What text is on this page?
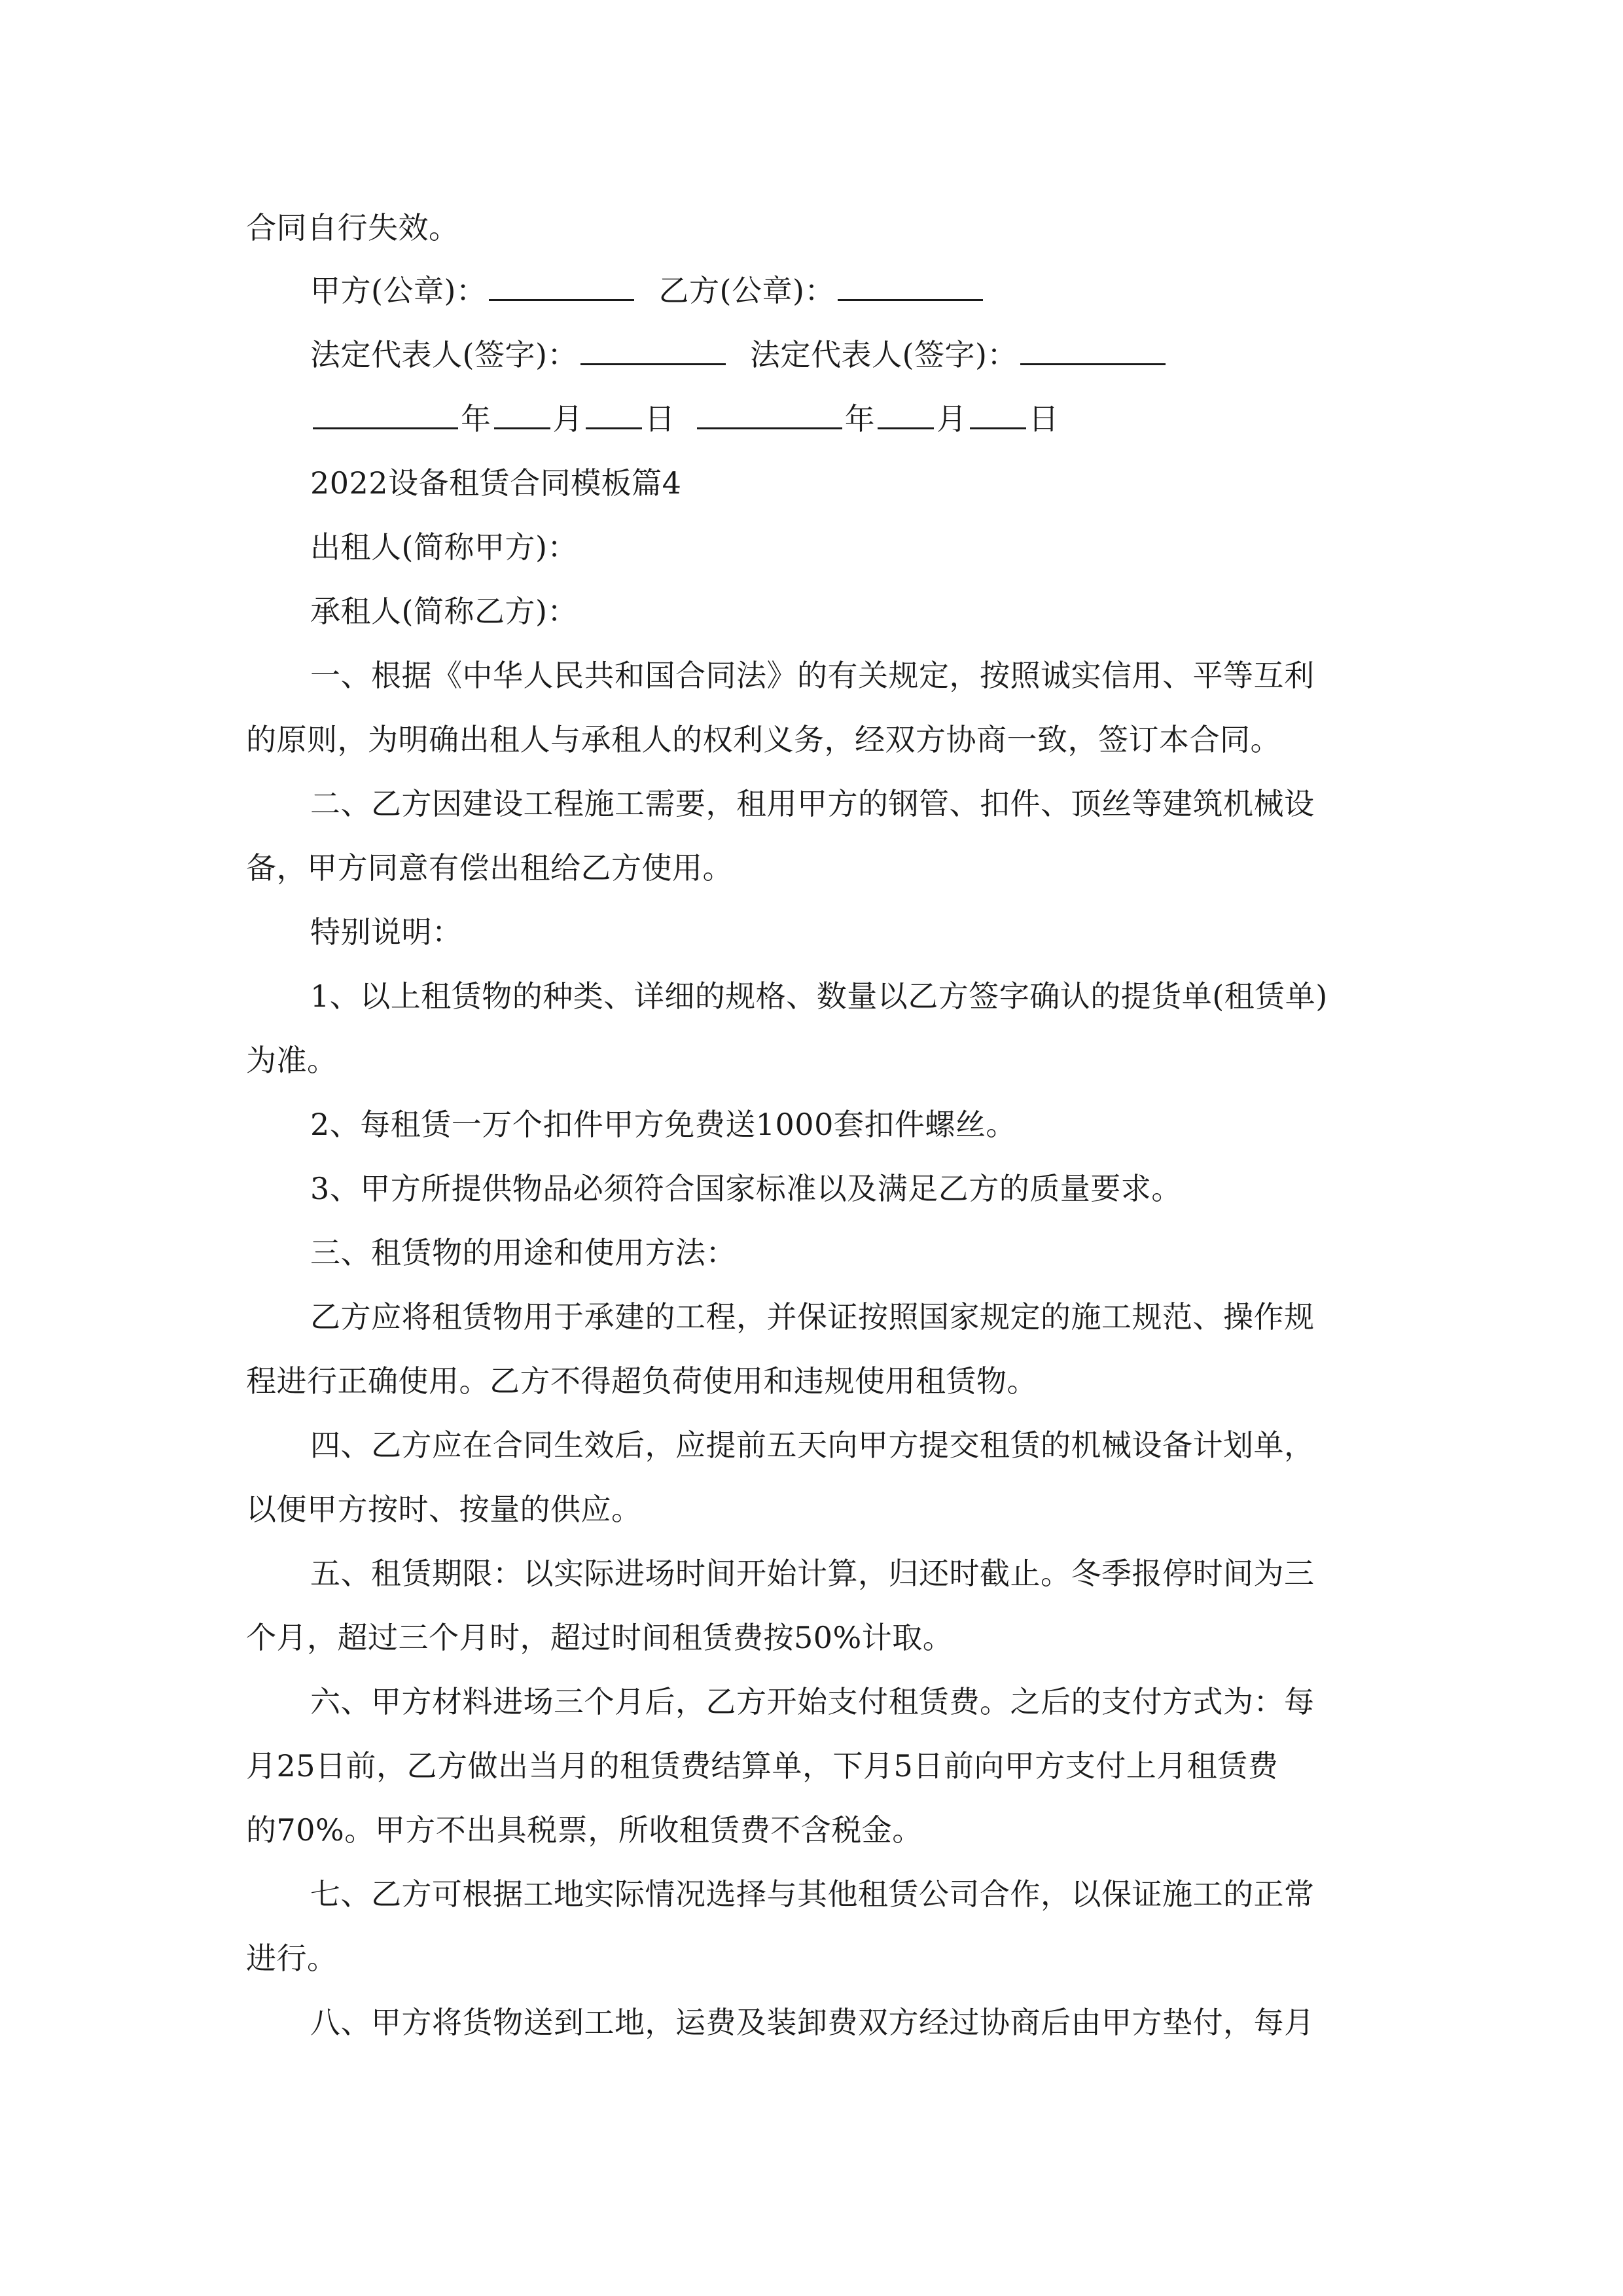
合同自行失效。
甲方(公章)：	乙方(公章)：
法定代表人(签字)：	法定代表人(签字)：
年 月 日	年 月 日
2022设备租赁合同模板篇4
出租人(简称甲方)：
承租人(简称乙方)：
一、根据《中华人民共和国合同法》的有关规定，按照诚实信用、平等互利
的原则，为明确出租人与承租人的权利义务，经双方协商一致，签订本合同。
二、乙方因建设工程施工需要，租用甲方的钢管、扣件、顶丝等建筑机械设
备，甲方同意有偿出租给乙方使用。
特别说明：
1、以上租赁物的种类、详细的规格、数量以乙方签字确认的提货单(租赁单)
为准。
2、每租赁一万个扣件甲方免费送1000套扣件螺丝。
3、甲方所提供物品必须符合国家标准以及满足乙方的质量要求。
三、租赁物的用途和使用方法：
乙方应将租赁物用于承建的工程，并保证按照国家规定的施工规范、操作规
程进行正确使用。乙方不得超负荷使用和违规使用租赁物。
四、乙方应在合同生效后，应提前五天向甲方提交租赁的机械设备计划单，
以便甲方按时、按量的供应。
五、租赁期限：以实际进场时间开始计算，归还时截止。冬季报停时间为三
个月，超过三个月时，超过时间租赁费按50%计取。
六、甲方材料进场三个月后，乙方开始支付租赁费。之后的支付方式为：每
月25日前，乙方做出当月的租赁费结算单，下月5日前向甲方支付上月租赁费
的70%。甲方不出具税票，所收租赁费不含税金。
七、乙方可根据工地实际情况选择与其他租赁公司合作，以保证施工的正常
进行。
八、甲方将货物送到工地，运费及装卸费双方经过协商后由甲方垫付，每月
